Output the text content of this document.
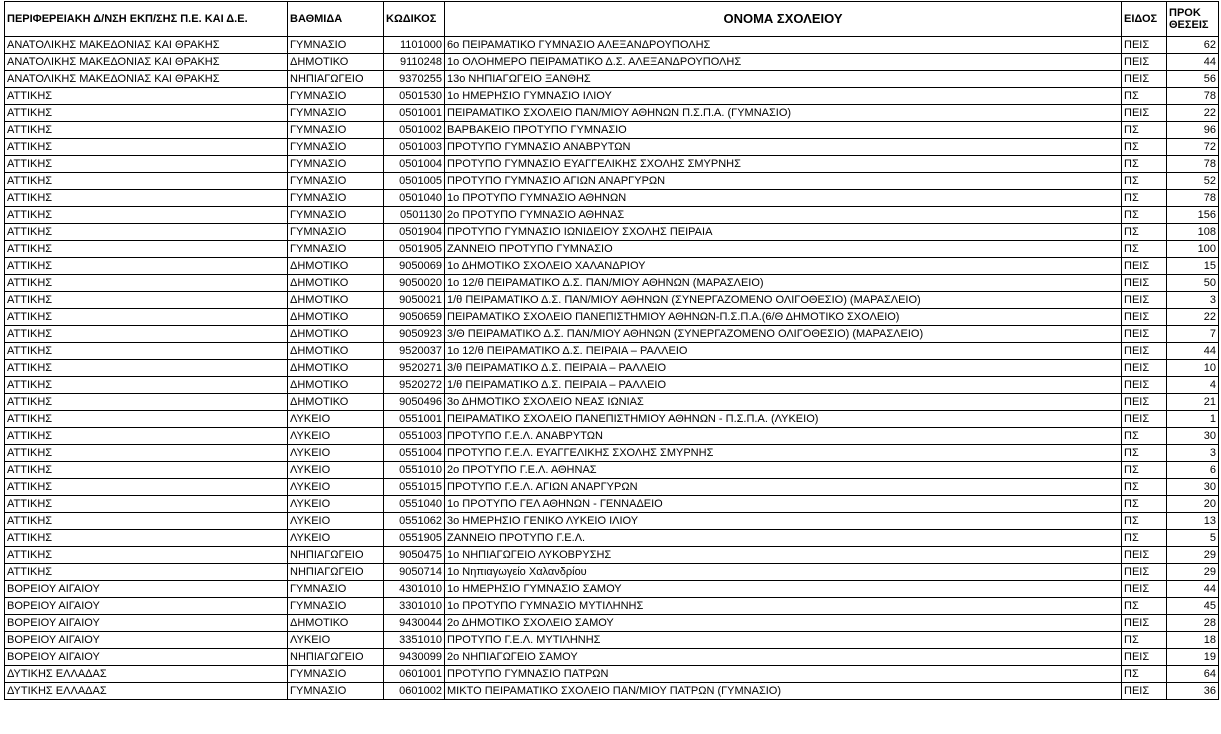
ΠΕΡΙΦΕΡΕΙΑΚΗ Δ/ΝΣΗ ΕΚΠ/ΣΗΣ Π.Ε. ΚΑΙ Δ.Ε.	ΒΑΘΜΙΔΑ	ΚΩΔΙΚΟΣ	ΟΝΟΜΑ ΣΧΟΛΕΙΟΥ	ΕΙΔΟΣ	ΠΡΟΚ
ΘΕΣΕΙΣ

ΑΝΑΤΟΛΙΚΗΣ ΜΑΚΕΔΟΝΙΑΣ ΚΑΙ ΘΡΑΚΗΣ	ΓΥΜΝΑΣΙΟ	1101000	6ο ΠΕΙΡΑΜΑΤΙΚΟ ΓΥΜΝΑΣΙΟ ΑΛΕΞΑΝΔΡΟΥΠΟΛΗΣ	ΠΕΙΣ	62
ΑΝΑΤΟΛΙΚΗΣ ΜΑΚΕΔΟΝΙΑΣ ΚΑΙ ΘΡΑΚΗΣ	ΔΗΜΟΤΙΚΟ	9110248	1ο ΟΛΟΗΜΕΡΟ ΠΕΙΡΑΜΑΤΙΚΟ Δ.Σ. ΑΛΕΞΑΝΔΡΟΥΠΟΛΗΣ	ΠΕΙΣ	44
ΑΝΑΤΟΛΙΚΗΣ ΜΑΚΕΔΟΝΙΑΣ ΚΑΙ ΘΡΑΚΗΣ	ΝΗΠΙΑΓΩΓΕΙΟ	9370255	13ο ΝΗΠΙΑΓΩΓΕΙΟ ΞΑΝΘΗΣ	ΠΕΙΣ	56
ΑΤΤΙΚΗΣ	ΓΥΜΝΑΣΙΟ	0501530	1ο ΗΜΕΡΗΣΙΟ ΓΥΜΝΑΣΙΟ ΙΛΙΟΥ	ΠΣ	78
ΑΤΤΙΚΗΣ	ΓΥΜΝΑΣΙΟ	0501001	ΠΕΙΡΑΜΑΤΙΚΟ ΣΧΟΛΕΙΟ ΠΑΝ/ΜΙΟΥ ΑΘΗΝΩΝ Π.Σ.Π.Α. (ΓΥΜΝΑΣΙΟ)	ΠΕΙΣ	22
ΑΤΤΙΚΗΣ	ΓΥΜΝΑΣΙΟ	0501002	ΒΑΡΒΑΚΕΙΟ ΠΡΟΤΥΠΟ ΓΥΜΝΑΣΙΟ	ΠΣ	96
ΑΤΤΙΚΗΣ	ΓΥΜΝΑΣΙΟ	0501003	ΠΡΟΤΥΠΟ ΓΥΜΝΑΣΙΟ ΑΝΑΒΡΥΤΩΝ	ΠΣ	72
ΑΤΤΙΚΗΣ	ΓΥΜΝΑΣΙΟ	0501004	ΠΡΟΤΥΠΟ ΓΥΜΝΑΣΙΟ ΕΥΑΓΓΕΛΙΚΗΣ ΣΧΟΛΗΣ ΣΜΥΡΝΗΣ	ΠΣ	78
ΑΤΤΙΚΗΣ	ΓΥΜΝΑΣΙΟ	0501005	ΠΡΟΤΥΠΟ ΓΥΜΝΑΣΙΟ ΑΓΙΩΝ ΑΝΑΡΓΥΡΩΝ	ΠΣ	52
ΑΤΤΙΚΗΣ	ΓΥΜΝΑΣΙΟ	0501040	1ο ΠΡΟΤΥΠΟ ΓΥΜΝΑΣΙΟ ΑΘΗΝΩΝ	ΠΣ	78
ΑΤΤΙΚΗΣ	ΓΥΜΝΑΣΙΟ	0501130	2ο ΠΡΟΤΥΠΟ ΓΥΜΝΑΣΙΟ ΑΘΗΝΑΣ	ΠΣ	156
ΑΤΤΙΚΗΣ	ΓΥΜΝΑΣΙΟ	0501904	ΠΡΟΤΥΠΟ ΓΥΜΝΑΣΙΟ ΙΩΝΙΔΕΙΟΥ ΣΧΟΛΗΣ ΠΕΙΡΑΙΑ	ΠΣ	108
ΑΤΤΙΚΗΣ	ΓΥΜΝΑΣΙΟ	0501905	ΖΑΝΝΕΙΟ ΠΡΟΤΥΠΟ ΓΥΜΝΑΣΙΟ	ΠΣ	100
ΑΤΤΙΚΗΣ	ΔΗΜΟΤΙΚΟ	9050069	1ο ΔΗΜΟΤΙΚΟ ΣΧΟΛΕΙΟ ΧΑΛΑΝΔΡΙΟΥ	ΠΕΙΣ	15
ΑΤΤΙΚΗΣ	ΔΗΜΟΤΙΚΟ	9050020	1ο 12/θ ΠΕΙΡΑΜΑΤΙΚΟ Δ.Σ. ΠΑΝ/ΜΙΟΥ ΑΘΗΝΩΝ (ΜΑΡΑΣΛΕΙΟ)	ΠΕΙΣ	50
ΑΤΤΙΚΗΣ	ΔΗΜΟΤΙΚΟ	9050021	1/θ ΠΕΙΡΑΜΑΤΙΚΟ Δ.Σ. ΠΑΝ/ΜΙΟΥ ΑΘΗΝΩΝ (ΣΥΝΕΡΓΑΖΟΜΕΝΟ ΟΛΙΓΟΘΕΣΙΟ) (ΜΑΡΑΣΛΕΙΟ)	ΠΕΙΣ	3
ΑΤΤΙΚΗΣ	ΔΗΜΟΤΙΚΟ	9050659	ΠΕΙΡΑΜΑΤΙΚΟ ΣΧΟΛΕΙΟ ΠΑΝΕΠΙΣΤΗΜΙΟΥ ΑΘΗΝΩΝ-Π.Σ.Π.Α.(6/Θ ΔΗΜΟΤΙΚΟ ΣΧΟΛΕΙΟ)	ΠΕΙΣ	22
ΑΤΤΙΚΗΣ	ΔΗΜΟΤΙΚΟ	9050923	3/Θ ΠΕΙΡΑΜΑΤΙΚΟ Δ.Σ. ΠΑΝ/ΜΙΟΥ ΑΘΗΝΩΝ (ΣΥΝΕΡΓΑΖΟΜΕΝΟ ΟΛΙΓΟΘΕΣΙΟ) (ΜΑΡΑΣΛΕΙΟ)	ΠΕΙΣ	7
ΑΤΤΙΚΗΣ	ΔΗΜΟΤΙΚΟ	9520037	1ο 12/θ ΠΕΙΡΑΜΑΤΙΚΟ Δ.Σ. ΠΕΙΡΑΙΑ – ΡΑΛΛΕΙΟ	ΠΕΙΣ	44
ΑΤΤΙΚΗΣ	ΔΗΜΟΤΙΚΟ	9520271	3/θ ΠΕΙΡΑΜΑΤΙΚΟ Δ.Σ. ΠΕΙΡΑΙΑ – ΡΑΛΛΕΙΟ	ΠΕΙΣ	10
ΑΤΤΙΚΗΣ	ΔΗΜΟΤΙΚΟ	9520272	1/θ ΠΕΙΡΑΜΑΤΙΚΟ Δ.Σ. ΠΕΙΡΑΙΑ – ΡΑΛΛΕΙΟ	ΠΕΙΣ	4
ΑΤΤΙΚΗΣ	ΔΗΜΟΤΙΚΟ	9050496	3ο ΔΗΜΟΤΙΚΟ ΣΧΟΛΕΙΟ ΝΕΑΣ ΙΩΝΙΑΣ	ΠΕΙΣ	21
ΑΤΤΙΚΗΣ	ΛΥΚΕΙΟ	0551001	ΠΕΙΡΑΜΑΤΙΚΟ ΣΧΟΛΕΙΟ ΠΑΝΕΠΙΣΤΗΜΙΟΥ ΑΘΗΝΩΝ - Π.Σ.Π.Α. (ΛΥΚΕΙΟ)	ΠΕΙΣ	1
ΑΤΤΙΚΗΣ	ΛΥΚΕΙΟ	0551003	ΠΡΟΤΥΠΟ Γ.Ε.Λ. ΑΝΑΒΡΥΤΩΝ	ΠΣ	30
ΑΤΤΙΚΗΣ	ΛΥΚΕΙΟ	0551004	ΠΡΟΤΥΠΟ Γ.Ε.Λ. ΕΥΑΓΓΕΛΙΚΗΣ ΣΧΟΛΗΣ ΣΜΥΡΝΗΣ	ΠΣ	3
ΑΤΤΙΚΗΣ	ΛΥΚΕΙΟ	0551010	2ο ΠΡΟΤΥΠΟ Γ.Ε.Λ. ΑΘΗΝΑΣ	ΠΣ	6
ΑΤΤΙΚΗΣ	ΛΥΚΕΙΟ	0551015	ΠΡΟΤΥΠΟ Γ.Ε.Λ. ΑΓΙΩΝ ΑΝΑΡΓΥΡΩΝ	ΠΣ	30
ΑΤΤΙΚΗΣ	ΛΥΚΕΙΟ	0551040	1ο ΠΡΟΤΥΠΟ ΓΕΛ ΑΘΗΝΩΝ - ΓΕΝΝΑΔΕΙΟ	ΠΣ	20
ΑΤΤΙΚΗΣ	ΛΥΚΕΙΟ	0551062	3ο ΗΜΕΡΗΣΙΟ ΓΕΝΙΚΟ ΛΥΚΕΙΟ ΙΛΙΟΥ	ΠΣ	13
ΑΤΤΙΚΗΣ	ΛΥΚΕΙΟ	0551905	ΖΑΝΝΕΙΟ ΠΡΟΤΥΠΟ Γ.Ε.Λ.	ΠΣ	5
ΑΤΤΙΚΗΣ	ΝΗΠΙΑΓΩΓΕΙΟ	9050475	1ο ΝΗΠΙΑΓΩΓΕΙΟ ΛΥΚΟΒΡΥΣΗΣ	ΠΕΙΣ	29
ΑΤΤΙΚΗΣ	ΝΗΠΙΑΓΩΓΕΙΟ	9050714	1ο Νηπιαγωγείο Χαλανδρίου	ΠΕΙΣ	29
ΒΟΡΕΙΟΥ ΑΙΓΑΙΟΥ	ΓΥΜΝΑΣΙΟ	4301010	1ο ΗΜΕΡΗΣΙΟ ΓΥΜΝΑΣΙΟ ΣΑΜΟΥ	ΠΕΙΣ	44
ΒΟΡΕΙΟΥ ΑΙΓΑΙΟΥ	ΓΥΜΝΑΣΙΟ	3301010	1ο ΠΡΟΤΥΠΟ ΓΥΜΝΑΣΙΟ ΜΥΤΙΛΗΝΗΣ	ΠΣ	45
ΒΟΡΕΙΟΥ ΑΙΓΑΙΟΥ	ΔΗΜΟΤΙΚΟ	9430044	2ο ΔΗΜΟΤΙΚΟ ΣΧΟΛΕΙΟ ΣΑΜΟΥ	ΠΕΙΣ	28
ΒΟΡΕΙΟΥ ΑΙΓΑΙΟΥ	ΛΥΚΕΙΟ	3351010	ΠΡΟΤΥΠΟ Γ.Ε.Λ. ΜΥΤΙΛΗΝΗΣ	ΠΣ	18
ΒΟΡΕΙΟΥ ΑΙΓΑΙΟΥ	ΝΗΠΙΑΓΩΓΕΙΟ	9430099	2ο ΝΗΠΙΑΓΩΓΕΙΟ ΣΑΜΟΥ	ΠΕΙΣ	19
ΔΥΤΙΚΗΣ ΕΛΛΑΔΑΣ	ΓΥΜΝΑΣΙΟ	0601001	ΠΡΟΤΥΠΟ ΓΥΜΝΑΣΙΟ ΠΑΤΡΩΝ	ΠΣ	64
ΔΥΤΙΚΗΣ ΕΛΛΑΔΑΣ	ΓΥΜΝΑΣΙΟ	0601002	ΜΙΚΤΟ ΠΕΙΡΑΜΑΤΙΚΟ ΣΧΟΛΕΙΟ ΠΑΝ/ΜΙΟΥ ΠΑΤΡΩΝ (ΓΥΜΝΑΣΙΟ)	ΠΕΙΣ	36
